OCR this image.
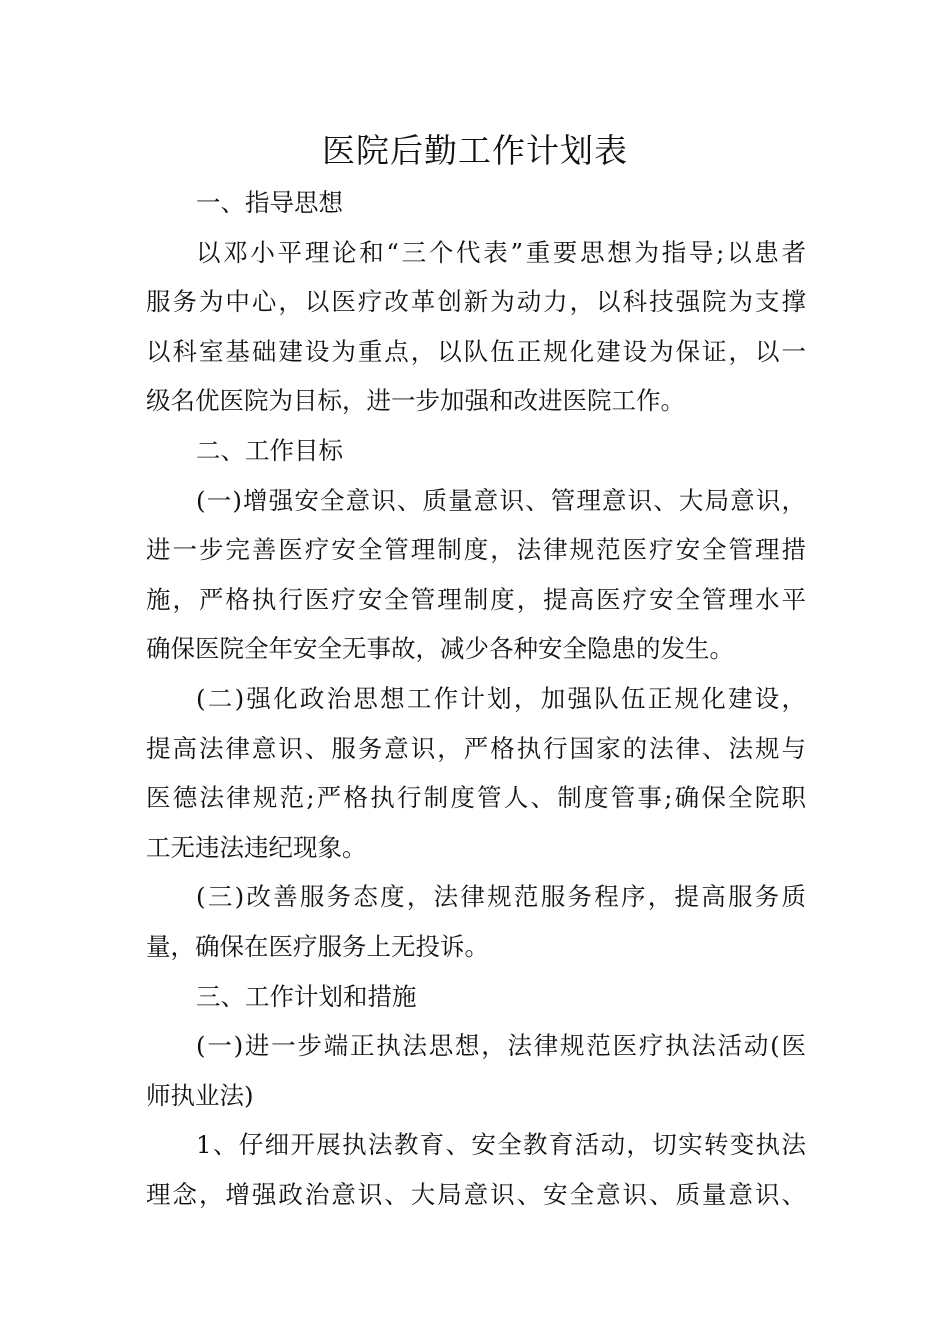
医院后勤工作计划表
一、指导思想
以邓小平理论和“三个代表”重要思想为指导;以患者
服务为中心，以医疗改革创新为动力，以科技强院为支撑
以科室基础建设为重点，以队伍正规化建设为保证，以一
级名优医院为目标，进一步加强和改进医院工作。
二、工作目标
(一)增强安全意识、质量意识、管理意识、大局意识，
进一步完善医疗安全管理制度，法律规范医疗安全管理措
施，严格执行医疗安全管理制度，提高医疗安全管理水平
确保医院全年安全无事故，减少各种安全隐患的发生。
(二)强化政治思想工作计划，加强队伍正规化建设，
提高法律意识、服务意识，严格执行国家的法律、法规与
医德法律规范;严格执行制度管人、制度管事;确保全院职
工无违法违纪现象。
(三)改善服务态度，法律规范服务程序，提高服务质
量，确保在医疗服务上无投诉。
三、工作计划和措施
(一)进一步端正执法思想，法律规范医疗执法活动(医
师执业法)
1、仔细开展执法教育、安全教育活动，切实转变执法
理念，增强政治意识、大局意识、安全意识、质量意识、
